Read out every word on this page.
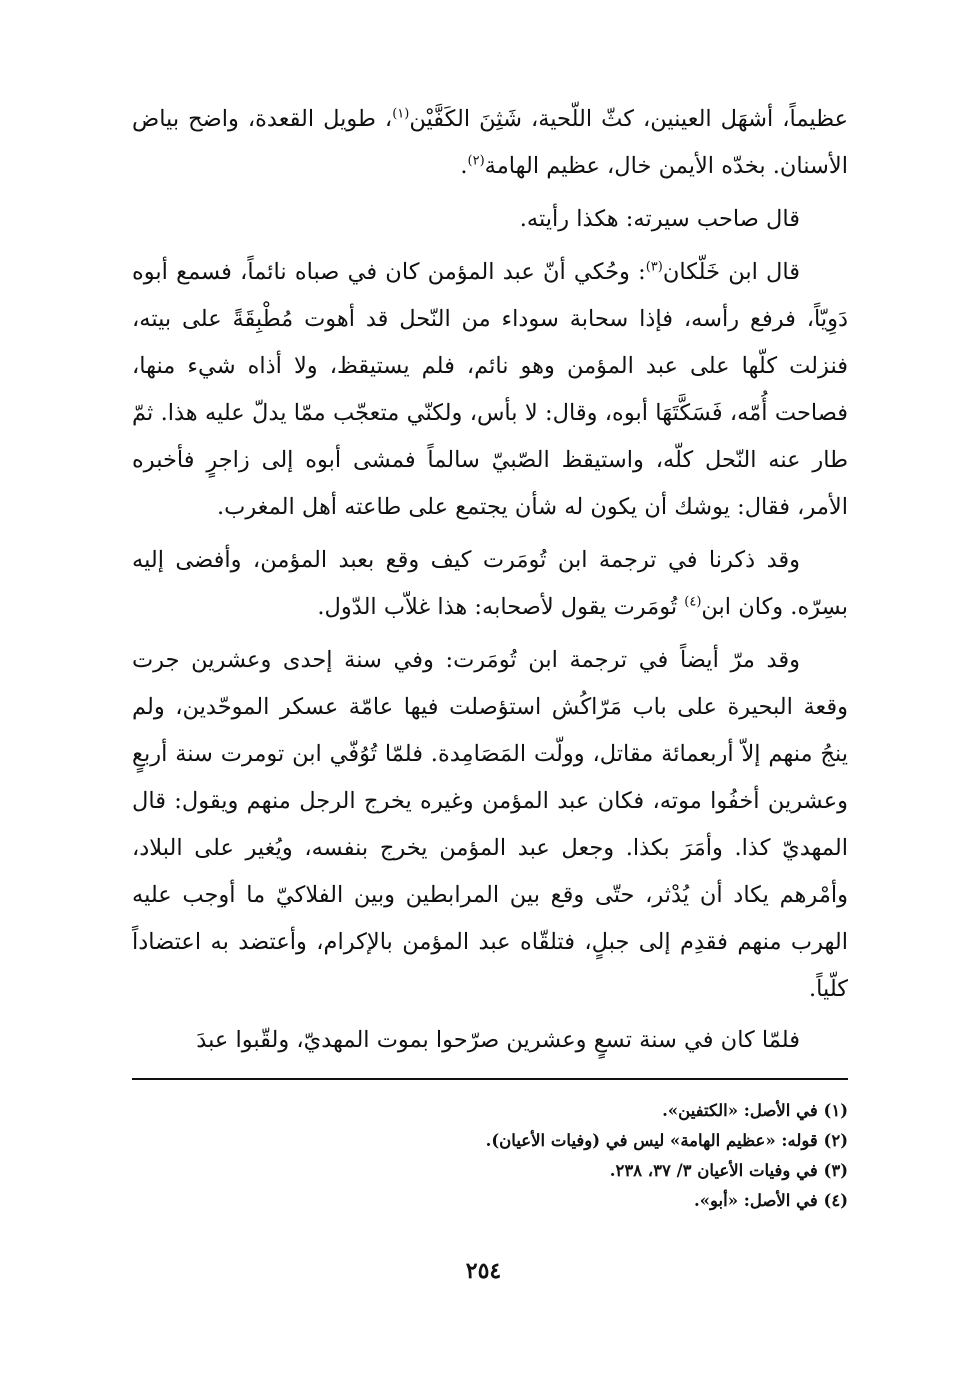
عظيماً، أشهَل العينين، كثّ اللّحية، شَثِنَ الكَفَّيْن$^{(١)}$، طويل القعدة، واضح بياض الأسنان. بخدّه الأيمن خال، عظيم الهامة$^{(٢)}$.

قال صاحب سيرته: هكذا رأيته.

قال ابن خَلّكان$^{(٣)}$: وحُكي أنّ عبد المؤمن كان في صباه نائماً، فسمع أبوه دَوِيّاً، فرفع رأسه، فإذا سحابة سوداء من النّحل قد أهوت مُطْبِقَةً على بيته، فنزلت كلّها على عبد المؤمن وهو نائم، فلم يستيقظ، ولا أذاه شيء منها، فصاحت أُمّه، فَسَكَّتَهَا أبوه، وقال: لا بأس، ولكنّي متعجّب ممّا يدلّ عليه هذا. ثمّ طار عنه النّحل كلّه، واستيقظ الصّبيّ سالماً فمشى أبوه إلى زاجرٍ فأخبره الأمر، فقال: يوشك أن يكون له شأن يجتمع على طاعته أهل المغرب.

وقد ذكرنا في ترجمة ابن تُومَرت كيف وقع بعبد المؤمن، وأفضى إليه بسِرّه. وكان ابن$^{(٤)}$ تُومَرت يقول لأصحابه: هذا غلاّب الدّول.

وقد مرّ أيضاً في ترجمة ابن تُومَرت: وفي سنة إحدى وعشرين جرت وقعة البحيرة على باب مَرّاكُش استؤصلت فيها عامّة عسكر الموحّدين، ولم ينجُ منهم إلاّ أربعمائة مقاتل، وولّت المَصَامِدة. فلمّا تُوُفّي ابن تومرت سنة أربعٍ وعشرين أخفُوا موته، فكان عبد المؤمن وغيره يخرج الرجل منهم ويقول: قال المهديّ كذا. وأمَرَ بكذا. وجعل عبد المؤمن يخرج بنفسه، ويُغير على البلاد، وأمْرهم يكاد أن يُدْثر، حتّى وقع بين المرابطين وبين الفلاكيّ ما أوجب عليه الهرب منهم فقدِم إلى جبلٍ، فتلقّاه عبد المؤمن بالإكرام، وأعتضد به اعتضاداً كلّياً.

فلمّا كان في سنة تسعٍ وعشرين صرّحوا بموت المهديّ، ولقّبوا عبدَ

(١) في الأصل: «الكتفين».

(٢) قوله: «عظيم الهامة» ليس في (وفيات الأعيان).

(٣) في وفيات الأعيان ٣/ ٣٧، ٢٣٨.

(٤) في الأصل: «أبو».

٢٥٤
